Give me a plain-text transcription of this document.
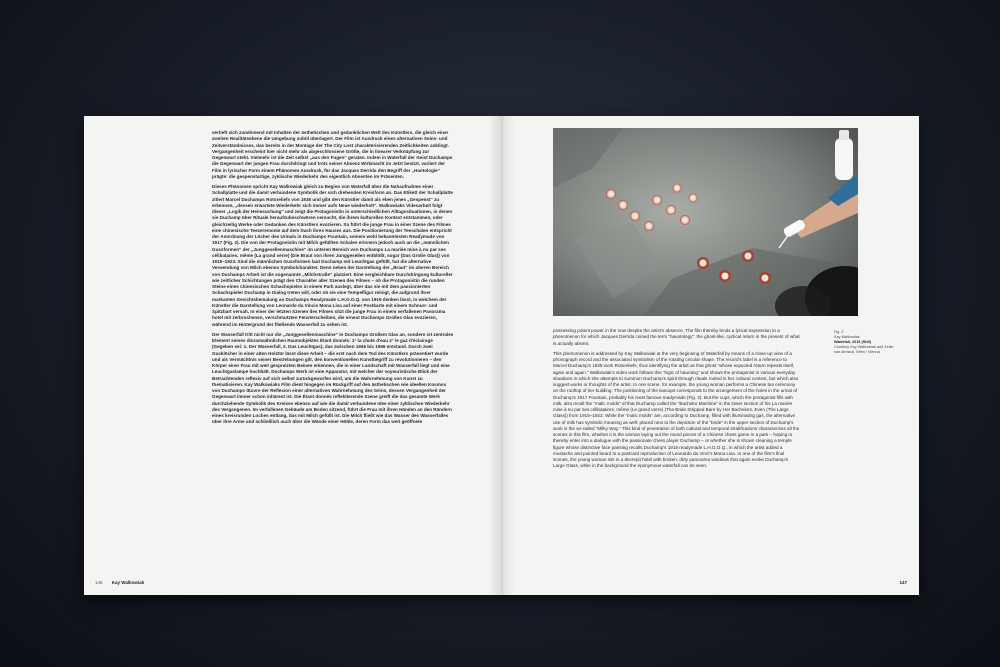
vertieft sich zunehmend mit Inhalten der ästhetischen und gedanklichen Welt des Künstlers, die gleich einer zweiten Realitätsebene die Umgebung subtil überlagert. Der Film ist Ausdruck eines alternativen Seins- und Zeitverständnisses, das bereits in der Montage der The City Lost charakterisierenden Zeitlichkeiten anklingt. Vergangenheit erscheint hier nicht mehr als abgeschlossene Größe, die in linearer Verknüpfung zur Gegenwart steht. Vielmehr ist die Zeit selbst „aus den Fugen“ geraten. Indem in Waterfall der Geist Duchamps die Gegenwart der jungen Frau durchdringt und trotz seiner Absenz Wirkmacht im Jetzt besitzt, variiert der Film in lyrischer Form einem Phänomen Ausdruck, für das Jacques Derrida den Begriff der „Hantologie“ prägte: die gespenstartige, zyklische Wiederkehr des eigentlich Absenten im Präsenten.

Dieses Phänomen spricht Kay Walkowiak gleich zu Beginn von Waterfall über die Nahaufnahme einer Schallplatte und die damit verbundene Symbolik der sich drehenden Kreisform an. Das Etikett der Schallplatte zitiert Marcel Duchamps Rotoreliefs von 1935 und gibt den Künstler damit als eben jenes „Gespenst“ zu erkennen, „dessen erwartete Wiederkehr sich immer aufs Neue wiederholt“. Walkowiaks Videoarbeit folgt dieser „Logik der Heimsuchung“ und zeigt die Protagonistin in unterschiedlichen Alltagssituationen, in denen sie Duchamp über Rituale heraufzubeschwören versucht, die ihrem kulturellen Kontext entstammen, oder gleichzeitig Werke oder Gedanken des Künstlers evozieren. So führt die junge Frau in einer Szene des Filmes eine chinesische Teezeremonie auf dem Dach ihres Hauses aus. Die Positionierung der Teeschalen entspricht der Anordnung der Löcher des Urinals in Duchamps Fountain, seinem wohl bekanntesten Readymade von 1917 (Fig. 2). Die von der Protagonistin mit Milch gefüllten Schalen erinnern jedoch auch an die „männlichen Gussformen“ der „Junggesellenmaschine“ im unteren Bereich von Duchamps La mariée mise à nu par ses célibataires, même (La grand verre) (Die Braut von ihren Junggesellen entblößt, sogar (Das Große Glas)) von 1915–1923. Sind die männlichen Gussformen laut Duchamp mit Leuchtgas gefüllt, hat die alternative Verwendung von Milch ebenso Symbolcharakter. Denn neben der Darstellung der „Braut“ im oberen Bereich von Duchamps Arbeit ist die sogenannte „Milchstraße“ platziert. Eine vergleichbare Durchdringung kultureller wie zeitlicher Schichtungen prägt den Charakter aller Szenen des Filmes – ob die Protagonistin die runden Steine eines chinesischen Schachspieles in einem Park auslegt, über das sie mit dem passionierten Schachspieler Duchamp in Dialog treten will, oder ob sie eine Tempelfigur reinigt, die aufgrund ihrer markanten Gesichtsbemalung an Duchamps Readymade L.H.O.O.Q. von 1919 denken lässt, in welchem der Künstler die Darstellung von Leonardo da Vincis Mona Lisa auf einer Postkarte mit einem Schnurr- und Spitzbart versah. In einer der letzten Szenen des Filmes sitzt die junge Frau in einem verfallenen Panorama hotel mit zerbrochenen, verschmutzten Fensterscheiben, die erneut Duchamps Großes Glas evozieren, während im Hintergrund der fließende Wasserfall zu sehen ist.

Der Wasserfall tritt nicht nur die „Junggesellenmaschine“ in Duchamps Großem Glas an, sondern ist zentrales Element seines dioramaähnlichen Raumobjektes Étant donnés: 1° la chute d'eau 2° le gaz d'éclairage (Gegeben sei: 1. Der Wasserfall, 2. Das Leuchtgas), das zwischen 1946 bis 1966 entstand. Durch zwei Gucklöcher in einer alten Holztür lässt diese Arbeit – die erst nach dem Tod des Künstlers präsentiert wurde und als Vermächtnis seiner Bestrebungen gilt, den konventionellen Kunstbegriff zu revolutionieren – den Körper einer Frau mit weit gespreizten Beinen erkennen, die in einer Landschaft mit Wasserfall liegt und eine Leuchtgaslampe hochhält. Duchamps Werk ist eine Apparatur, mit welcher der voyeuristische Blick der Betrachtenden reflexiv auf sich selbst zurückgeworfen wird, um die Wahrnehmung von Kunst zu thematisieren. Kay Walkowiaks Film dient hingegen im Rückgriff auf den ästhetischen wie ideellen Kosmos von Duchamps Œuvre der Reflexion einer alternativen Wahrnehmung des Seins, dessen Vergangenheit der Gegenwart immer schon inhärent ist. Die Étant donnés reflektierende Szene greift die das gesamte Werk durchziehende Symbolik des Kreises ebenso auf wie die damit verbundene Idee einer zyklischen Wiederkehr des Vergangenen. Im verfallenen Gebäude am Boden sitzend, führt die Frau mit ihren Händen an den Rändern eines kreisrunden Loches entlang, das mit Milch gefüllt ist. Die Milch fließt wie das Wasser des Wasserfalles über ihre Arme und schließlich auch über die Wände einer Höhle, deren Form das weit geöffnete

146 Kay Walkowiak

possessing potent power in the now despite the artist's absence. The film thereby lends a lyrical expression to a phenomenon for which Jacques Derrida coined the term “hauntology”: the ghost-like, cyclical return in the present of what is actually absent.

This phenomenon is addressed by Kay Walkowiak at the very beginning of Waterfall by means of a close-up view of a phonograph record and the associated symbolism of the rotating circular shape. The record's label is a reference to Marcel Duchamp's 1935 work Rotoreliefs, thus identifying the artist as that ghost “whose expected return repeats itself, again and again.” Walkowiak's video work follows this “logic of haunting” and shows the protagonist in various everyday situations in which she attempts to summon Duchamp's spirit through rituals rooted in her cultural context, but which also suggest works or thoughts of the artist. In one scene, for example, the young woman performs a Chinese tea ceremony on the rooftop of her building. The positioning of the teacups corresponds to the arrangement of the holes in the urinal of Duchamp's 1917 Fountain, probably his most famous readymade (Fig. 2). But the cups, which the protagonist fills with milk, also recall the “malic molds” of that Duchamp called the “Bachelor Machine” in the lower section of his La mariée mise à nu par ses célibataires, même (Le grand verre) (The Bride Stripped Bare by Her Bachelors, Even (The Large Glass)) from 1915–1923. While the “malic molds” are, according to Duchamp, filled with illuminating gas, the alternative use of milk has symbolic meaning as well: placed next to the depiction of the “bride” in the upper section of Duchamp's work is the so-called “Milky Way.” This kind of penetration of both cultural and temporal stratifications characterizes all the scenes in this film, whether it is the woman laying out the round pieces of a Chinese chess game in a park – hoping to thereby enter into a dialogue with the passionate chess player Duchamp – or whether she is shown cleaning a temple figure whose distinctive face painting recalls Duchamp's 1919 readymade L.H.O.O.Q., in which the artist added a mustache and pointed beard to a postcard reproduction of Leonardo da Vinci's Mona Lisa. In one of the film's final scenes, the young woman sits in a decrepit hotel with broken, dirty panorama windows that again evoke Duchamp's Large Glass, while in the background the eponymous waterfall can be seen.

Fig. 2
Kay Walkowiak
Waterfall, 2016 (Still)
Courtesy Kay Walkowiak and Zeller van Almsick, Wien / Vienna
147
